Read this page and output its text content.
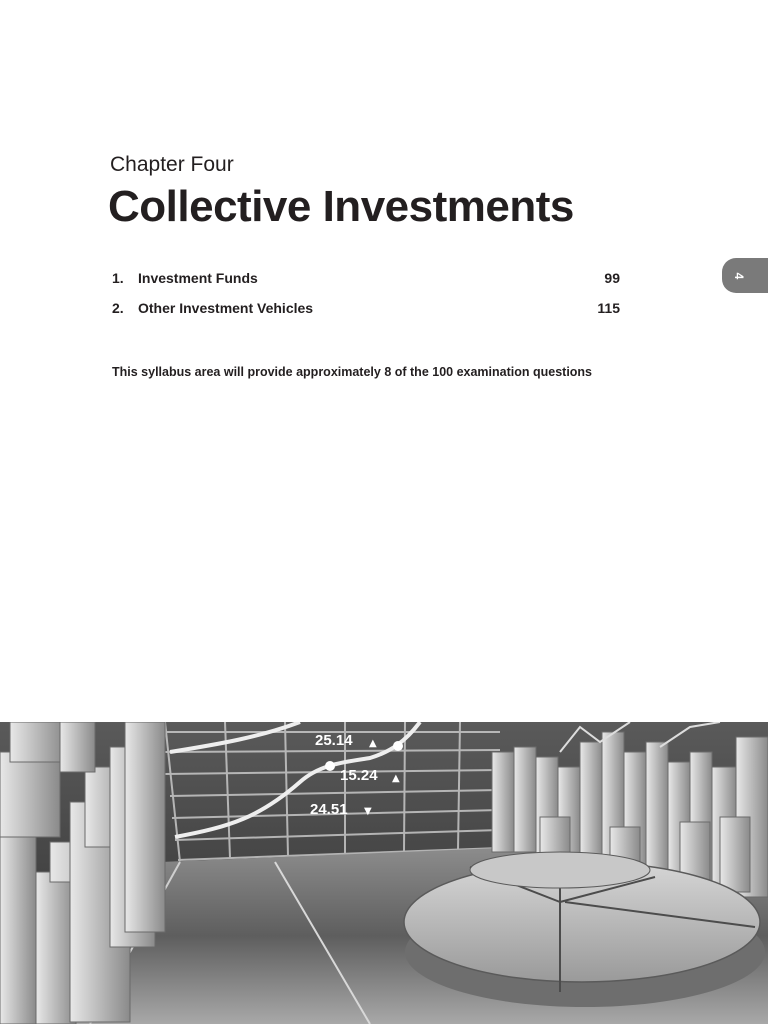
Chapter Four
Collective Investments
1.	Investment Funds	99
2.	Other Investment Vehicles	115
This syllabus area will provide approximately 8 of the 100 examination questions
4
25.14 ▲
15.24 ▲
24.51 ▼
